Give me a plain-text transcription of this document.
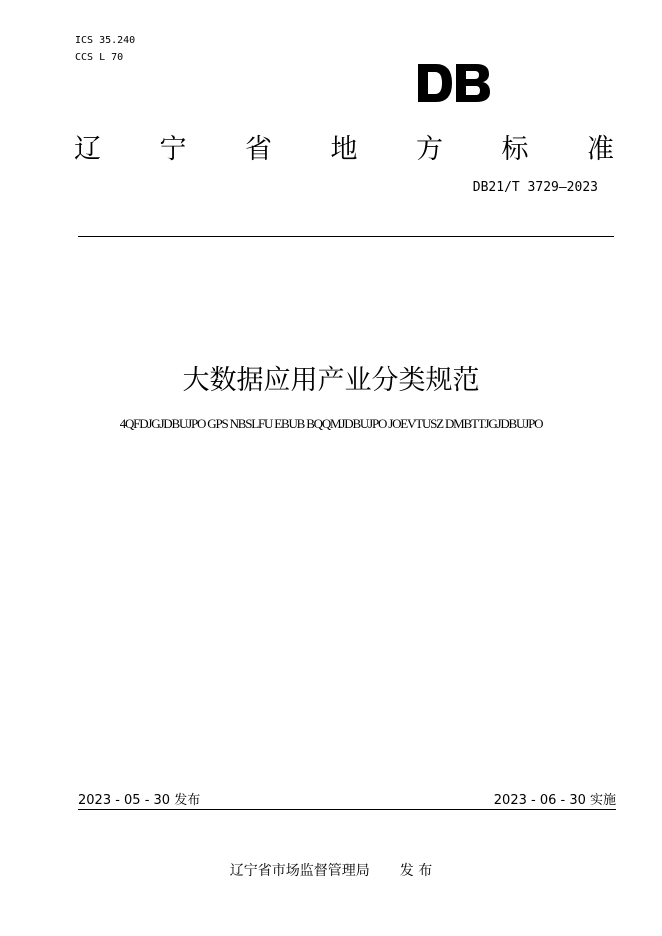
ICS 35.240
CCS L 70
辽 宁 省 地 方 标 准
DB21/T 3729—2023
大数据应用产业分类规范
4QFDJGJDBUJPO GPS NBSLFU EBUB BQQMJDBUJPO JOEVTUSZ DMBTTJGJDBUJPO
2023 - 05 - 30 发布	2023 - 06 - 30 实施
辽宁省市场监督管理局 发 布
